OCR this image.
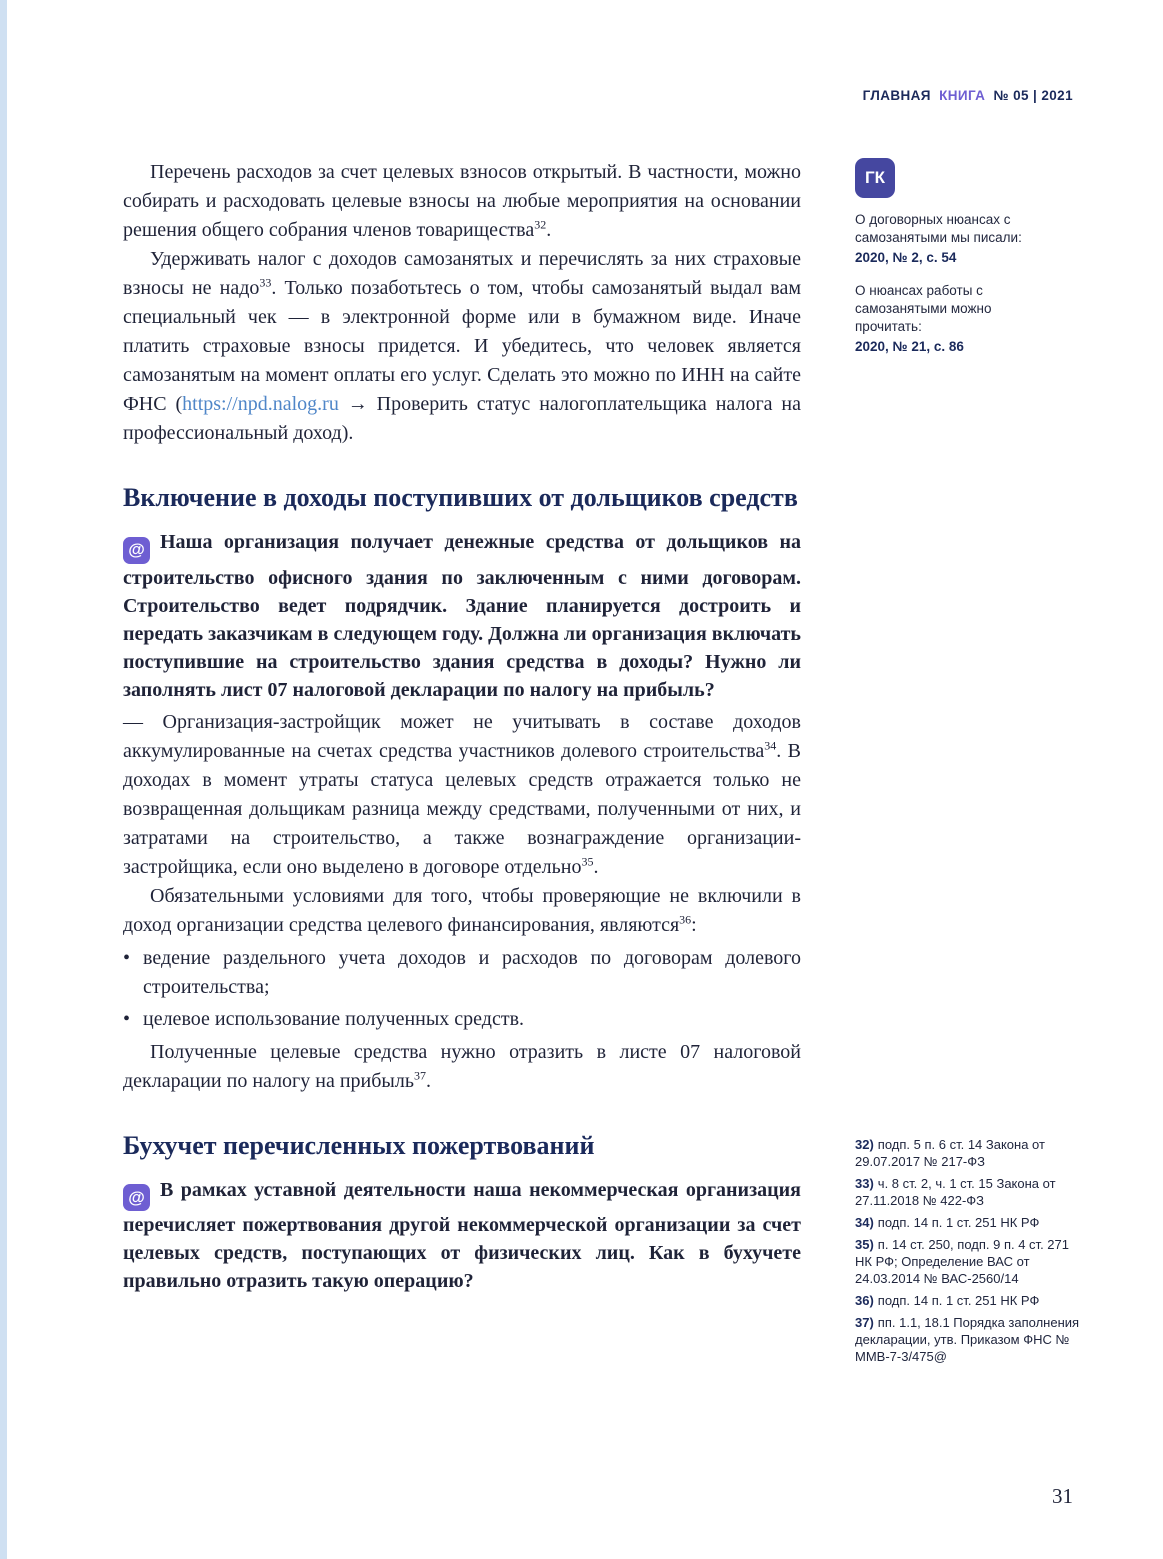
ГЛАВНАЯ КНИГА № 05 | 2021

Перечень расходов за счет целевых взносов открытый. В частности, можно собирать и расходовать целевые взносы на любые мероприятия на основании решения общего собрания членов товарищества$^{32}$.

Удерживать налог с доходов самозанятых и перечислять за них страховые взносы не надо$^{33}$. Только позаботьтесь о том, чтобы самозанятый выдал вам специальный чек — в электронной форме или в бумажном виде. Иначе платить страховые взносы придется. И убедитесь, что человек является самозанятым на момент оплаты его услуг. Сделать это можно по ИНН на сайте ФНС (https://npd.nalog.ru → Проверить статус налогоплательщика налога на профессиональный доход).

Включение в доходы поступивших от дольщиков средств

@ Наша организация получает денежные средства от дольщиков на строительство офисного здания по заключенным с ними договорам. Строительство ведет подрядчик. Здание планируется достроить и передать заказчикам в следующем году. Должна ли организация включать поступившие на строительство здания средства в доходы? Нужно ли заполнять лист 07 налоговой декларации по налогу на прибыль?

— Организация-застройщик может не учитывать в составе доходов аккумулированные на счетах средства участников долевого строительства$^{34}$. В доходах в момент утраты статуса целевых средств отражается только не возвращенная дольщикам разница между средствами, полученными от них, и затратами на строительство, а также вознаграждение организации-застройщика, если оно выделено в договоре отдельно$^{35}$.

Обязательными условиями для того, чтобы проверяющие не включили в доход организации средства целевого финансирования, являются$^{36}$:

• ведение раздельного учета доходов и расходов по договорам долевого строительства;
• целевое использование полученных средств.

Полученные целевые средства нужно отразить в листе 07 налоговой декларации по налогу на прибыль$^{37}$.

Бухучет перечисленных пожертвований

@ В рамках уставной деятельности наша некоммерческая организация перечисляет пожертвования другой некоммерческой организации за счет целевых средств, поступающих от физических лиц. Как в бухучете правильно отразить такую операцию?

ГК
О договорных нюансах с самозанятыми мы писали:
2020, № 2, с. 54
О нюансах работы с самозанятыми можно прочитать:
2020, № 21, с. 86
32) подп. 5 п. 6 ст. 14 Закона от 29.07.2017 № 217-ФЗ
33) ч. 8 ст. 2, ч. 1 ст. 15 Закона от 27.11.2018 № 422-ФЗ
34) подп. 14 п. 1 ст. 251 НК РФ
35) п. 14 ст. 250, подп. 9 п. 4 ст. 271 НК РФ; Определение ВАС от 24.03.2014 № ВАС-2560/14
36) подп. 14 п. 1 ст. 251 НК РФ
37) пп. 1.1, 18.1 Порядка заполнения декларации, утв. Приказом ФНС № ММВ-7-3/475@
31
